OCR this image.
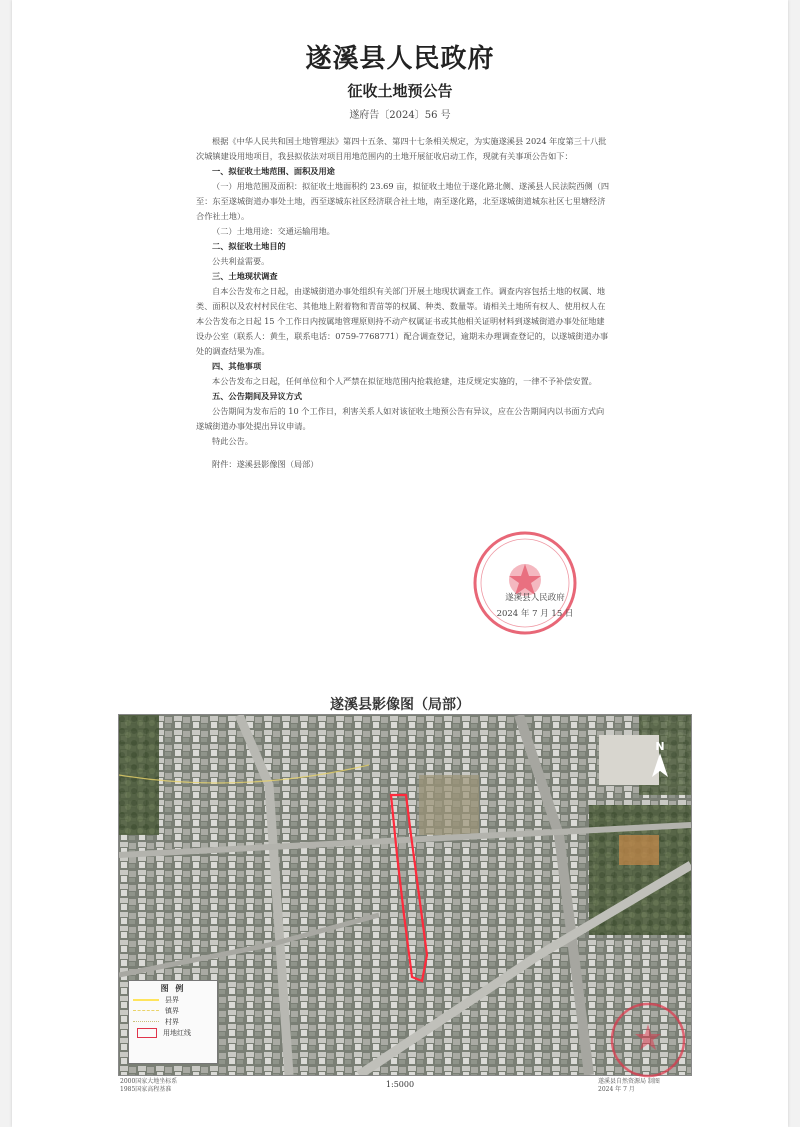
遂溪县人民政府
征收土地预公告
遂府告〔2024〕56 号

根据《中华人民共和国土地管理法》第四十五条、第四十七条相关规定，为实施遂溪县 2024 年度第三十八批次城镇建设用地项目，我县拟依法对项目用地范围内的土地开展征收启动工作，现就有关事项公告如下：

一、拟征收土地范围、面积及用途

（一）用地范围及面积：拟征收土地面积约 23.69 亩，拟征收土地位于遂化路北侧、遂溪县人民法院西侧（四至：东至遂城街道办事处土地，西至遂城东社区经济联合社土地，南至遂化路，北至遂城街道城东社区七里塘经济合作社土地）。

（二）土地用途：交通运输用地。

二、拟征收土地目的

公共利益需要。

三、土地现状调查

自本公告发布之日起，由遂城街道办事处组织有关部门开展土地现状调查工作。调查内容包括土地的权属、地类、面积以及农村村民住宅、其他地上附着物和青苗等的权属、种类、数量等。请相关土地所有权人、使用权人在本公告发布之日起 15 个工作日内按属地管理原则持不动产权属证书或其他相关证明材料到遂城街道办事处征地建设办公室（联系人：黄生，联系电话：0759-7768771）配合调查登记，逾期未办理调查登记的，以遂城街道办事处的调查结果为准。

四、其他事项

本公告发布之日起，任何单位和个人严禁在拟征地范围内抢栽抢建，违反规定实施的，一律不予补偿安置。

五、公告期间及异议方式

公告期间为发布后的 10 个工作日，利害关系人如对该征收土地预公告有异议，应在公告期间内以书面方式向遂城街道办事处提出异议申请。

特此公告。

附件：遂溪县影像图（局部）

遂溪县人民政府
2024 年 7 月 15 日
遂溪县影像图（局部）
N
图 例
县界
镇界
村界
用地红线
2000国家大地坐标系
1985国家高程基准
1:5000	遂溪县自然资源局 制图
2024 年 7 月
